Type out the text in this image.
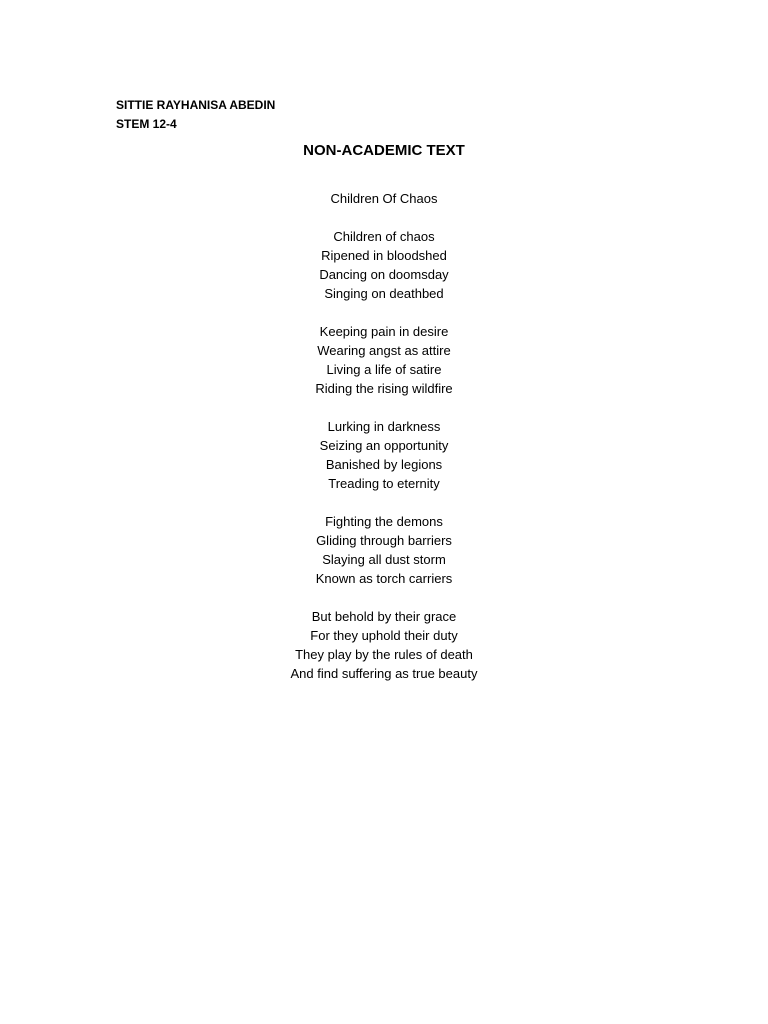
SITTIE RAYHANISA ABEDIN
STEM 12-4
NON-ACADEMIC TEXT
Children Of Chaos
Children of chaos
Ripened in bloodshed
Dancing on doomsday
Singing on deathbed
Keeping pain in desire
Wearing angst as attire
Living a life of satire
Riding the rising wildfire
Lurking in darkness
Seizing an opportunity
Banished by legions
Treading to eternity
Fighting the demons
Gliding through barriers
Slaying all dust storm
Known as torch carriers
But behold by their grace
For they uphold their duty
They play by the rules of death
And find suffering as true beauty
